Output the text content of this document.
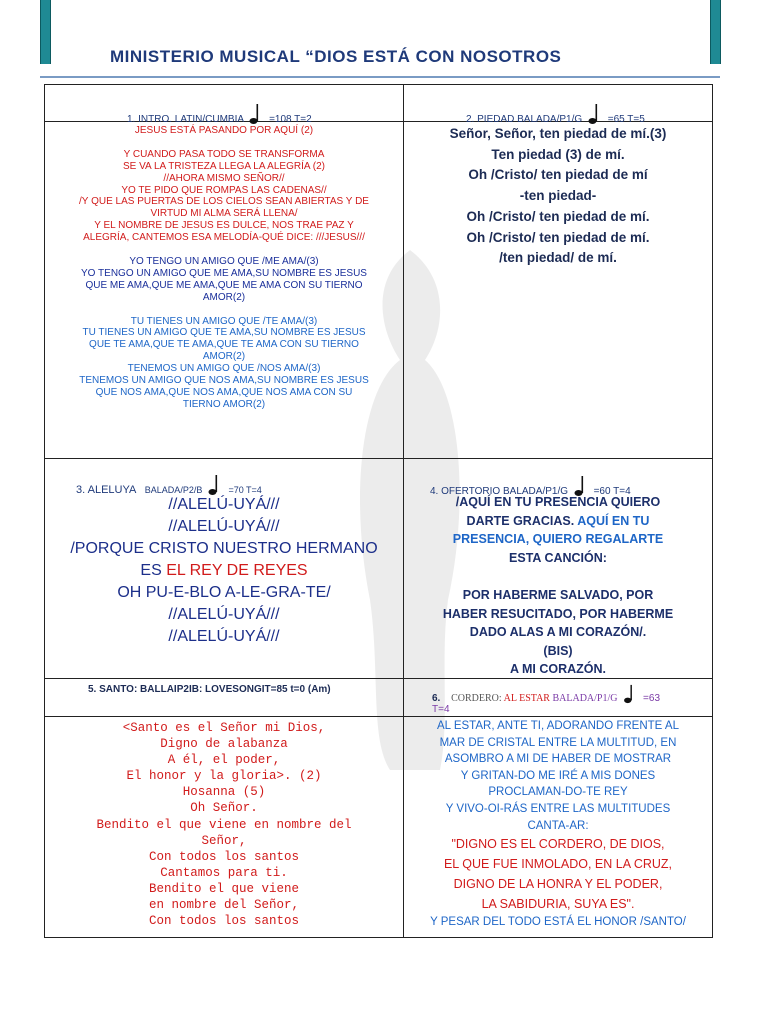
MINISTERIO MUSICAL “DIOS ESTÁ CON NOSOTROS
1. INTRO. LATIN/CUMBIA	=108 T=2	2. PIEDAD BALADA/P1/G	=65 T=5
JESUS ESTÁ PASANDO POR AQUÍ (2)

Y CUANDO PASA TODO SE TRANSFORMA
SE VA LA TRISTEZA LLEGA LA ALEGRÍA (2)
//AHORA MISMO SEÑOR//
YO TE PIDO QUE ROMPAS LAS CADENAS//
/Y QUE LAS PUERTAS DE LOS CIELOS SEAN ABIERTAS Y DE
VIRTUD MI ALMA SERÁ LLENA/
Y EL NOMBRE DE JESUS ES DULCE, NOS TRAE PAZ Y
ALEGRÍA, CANTEMOS ESA MELODÍA-QUÉ DICE: ///JESUS///

YO TENGO UN AMIGO QUE /ME AMA/(3)
YO TENGO UN AMIGO QUE ME AMA,SU NOMBRE ES JESUS
QUE ME AMA,QUE ME AMA,QUE ME AMA CON SU TIERNO
AMOR(2)

TU TIENES UN AMIGO QUE /TE AMA/(3)
TU TIENES UN AMIGO QUE TE AMA,SU NOMBRE ES JESUS
QUE TE AMA,QUE TE AMA,QUE TE AMA CON SU TIERNO
AMOR(2)
TENEMOS UN AMIGO QUE /NOS AMA/(3)
TENEMOS UN AMIGO QUE NOS AMA,SU NOMBRE ES JESUS
QUE NOS AMA,QUE NOS AMA,QUE NOS AMA CON SU
TIERNO AMOR(2)
Señor, Señor, ten piedad de mí.(3)
Ten piedad (3) de mí.
Oh /Cristo/ ten piedad de mí
-ten piedad-
Oh /Cristo/ ten piedad de mí.
Oh /Cristo/ ten piedad de mí.
/ten piedad/ de mí.
3. ALELUYA BALADA/P2/B	=70 T=4	4. OFERTORIO BALADA/P1/G	=60 T=4
//ALELÚ-UYÁ///
//ALELÚ-UYÁ///
/PORQUE CRISTO NUESTRO HERMANO
ES EL REY DE REYES
OH PU-E-BLO A-LE-GRA-TE/
//ALELÚ-UYÁ///
//ALELÚ-UYÁ///
/AQUÍ EN TU PRESENCIA QUIERO
DARTE GRACIAS. AQUÍ EN TU
PRESENCIA, QUIERO REGALARTE
ESTA CANCIÓN:

POR HABERME SALVADO, POR
HABER RESUCITADO, POR HABERME
DADO ALAS A MI CORAZÓN/.
(BIS)
A MI CORAZÓN.
5. SANTO: BALLAIP2IB: LOVESONGIT=85 t=0 (Am)
6. CORDERO: AL ESTAR BALADA/P1/G	=63
T=4
<Santo es el Señor mi Dios,
Digno de alabanza
A él, el poder,
El honor y la gloria>. (2)
Hosanna (5)
Oh Señor.
Bendito el que viene en nombre del
Señor,
Con todos los santos
Cantamos para ti.
Bendito el que viene
en nombre del Señor,
Con todos los santos
AL ESTAR, ANTE TI, ADORANDO FRENTE AL
MAR DE CRISTAL ENTRE LA MULTITUD, EN
ASOMBRO A MI DE HABER DE MOSTRAR
Y GRITAN-DO ME IRÉ A MIS DONES
PROCLAMAN-DO-TE REY
Y VIVO-OI-RÁS ENTRE LAS MULTITUDES
CANTA-AR:
"DIGNO ES EL CORDERO, DE DIOS,
EL QUE FUE INMOLADO, EN LA CRUZ,
DIGNO DE LA HONRA Y EL PODER,
LA SABIDURIA, SUYA ES".
Y PESAR DEL TODO ESTÁ EL HONOR /SANTO/
